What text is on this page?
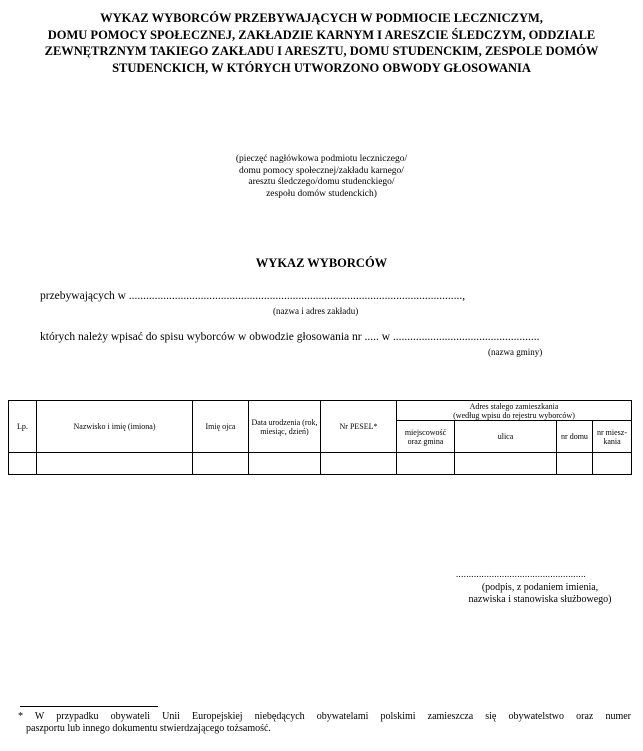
WYKAZ WYBORCÓW PRZEBYWAJĄCYCH W PODMIOCIE LECZNICZYM,
DOMU POMOCY SPOŁECZNEJ, ZAKŁADZIE KARNYM I ARESZCIE ŚLEDCZYM, ODDZIALE
ZEWNĘTRZNYM TAKIEGO ZAKŁADU I ARESZTU, DOMU STUDENCKIM, ZESPOLE DOMÓW
STUDENCKICH, W KTÓRYCH UTWORZONO OBWODY GŁOSOWANIA
(pieczęć nagłówkowa podmiotu leczniczego/
domu pomocy społecznej/zakładu karnego/
aresztu śledczego/domu studenckiego/
zespołu domów studenckich)
WYKAZ WYBORCÓW
przebywających w ....................................................................................................................,
(nazwa i adres zakładu)
których należy wpisać do spisu wyborców w obwodzie głosowania nr ..... w ...................................................
(nazwa gminy)
Lp.	Nazwisko i imię (imiona)	Imię ojca	Data urodzenia (rok, miesiąc, dzień)	Nr PESEL*	Adres stałego zamieszkania
(według wpisu do rejestru wyborców)			

					miejscowość oraz gmina	ulica	nr domu	nr miesz-kania

...................................................
(podpis, z podaniem imienia,
nazwiska i stanowiska służbowego)
* W przypadku obywateli Unii Europejskiej niebędących obywatelami polskimi zamieszcza się obywatelstwo oraz numer
paszportu lub innego dokumentu stwierdzającego tożsamość.
